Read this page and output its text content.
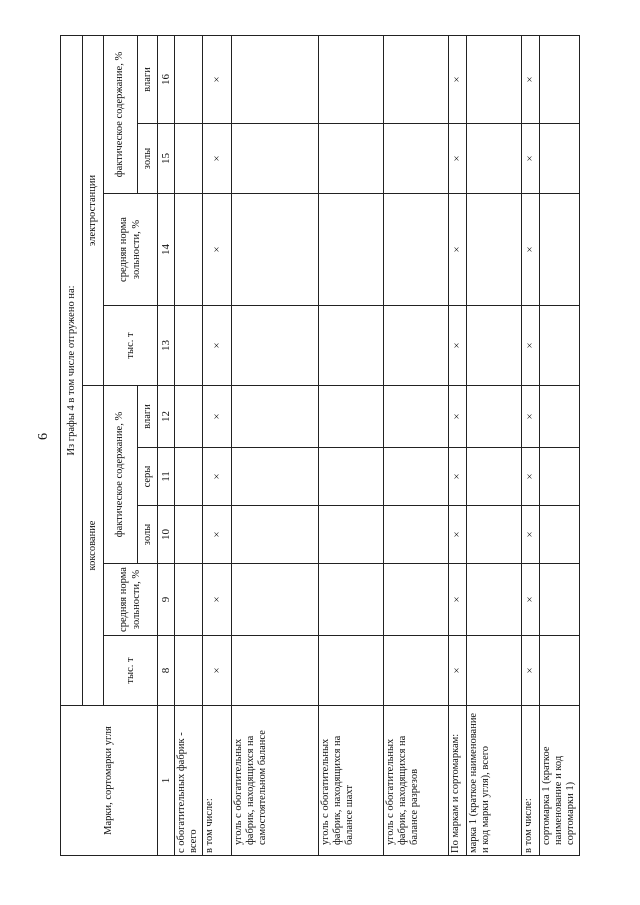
6
Марки, сортомарки угля	Из графы 4 в том числе отгружено на:								
	коксование					электростанции			
	тыс. т	средняя норма зольности, %	фактическое содержание, %			тыс. т	средняя норма зольности, %	фактическое содержание, %	
			золы	серы	влаги			золы	влаги
1	8	9	10	11	12	13	14	15	16
с обогатительных фабрик - всего									
в том числе:	×	×	×	×	×	×	×	×	×
уголь с обогатительных фабрик, находящихся на самостоятельном балансе									
уголь с обогатительных фабрик, находящихся на балансе шахт									
уголь с обогатительных фабрик, находящихся на балансе разрезов									
По маркам и сортомаркам:	×	×	×	×	×	×	×	×	×
марка 1 (краткое наименование и код марки угля), всего									
в том числе:	×	×	×	×	×	×	×	×	×
сортомарка 1 (краткое наименование и код сортомарки 1)									
